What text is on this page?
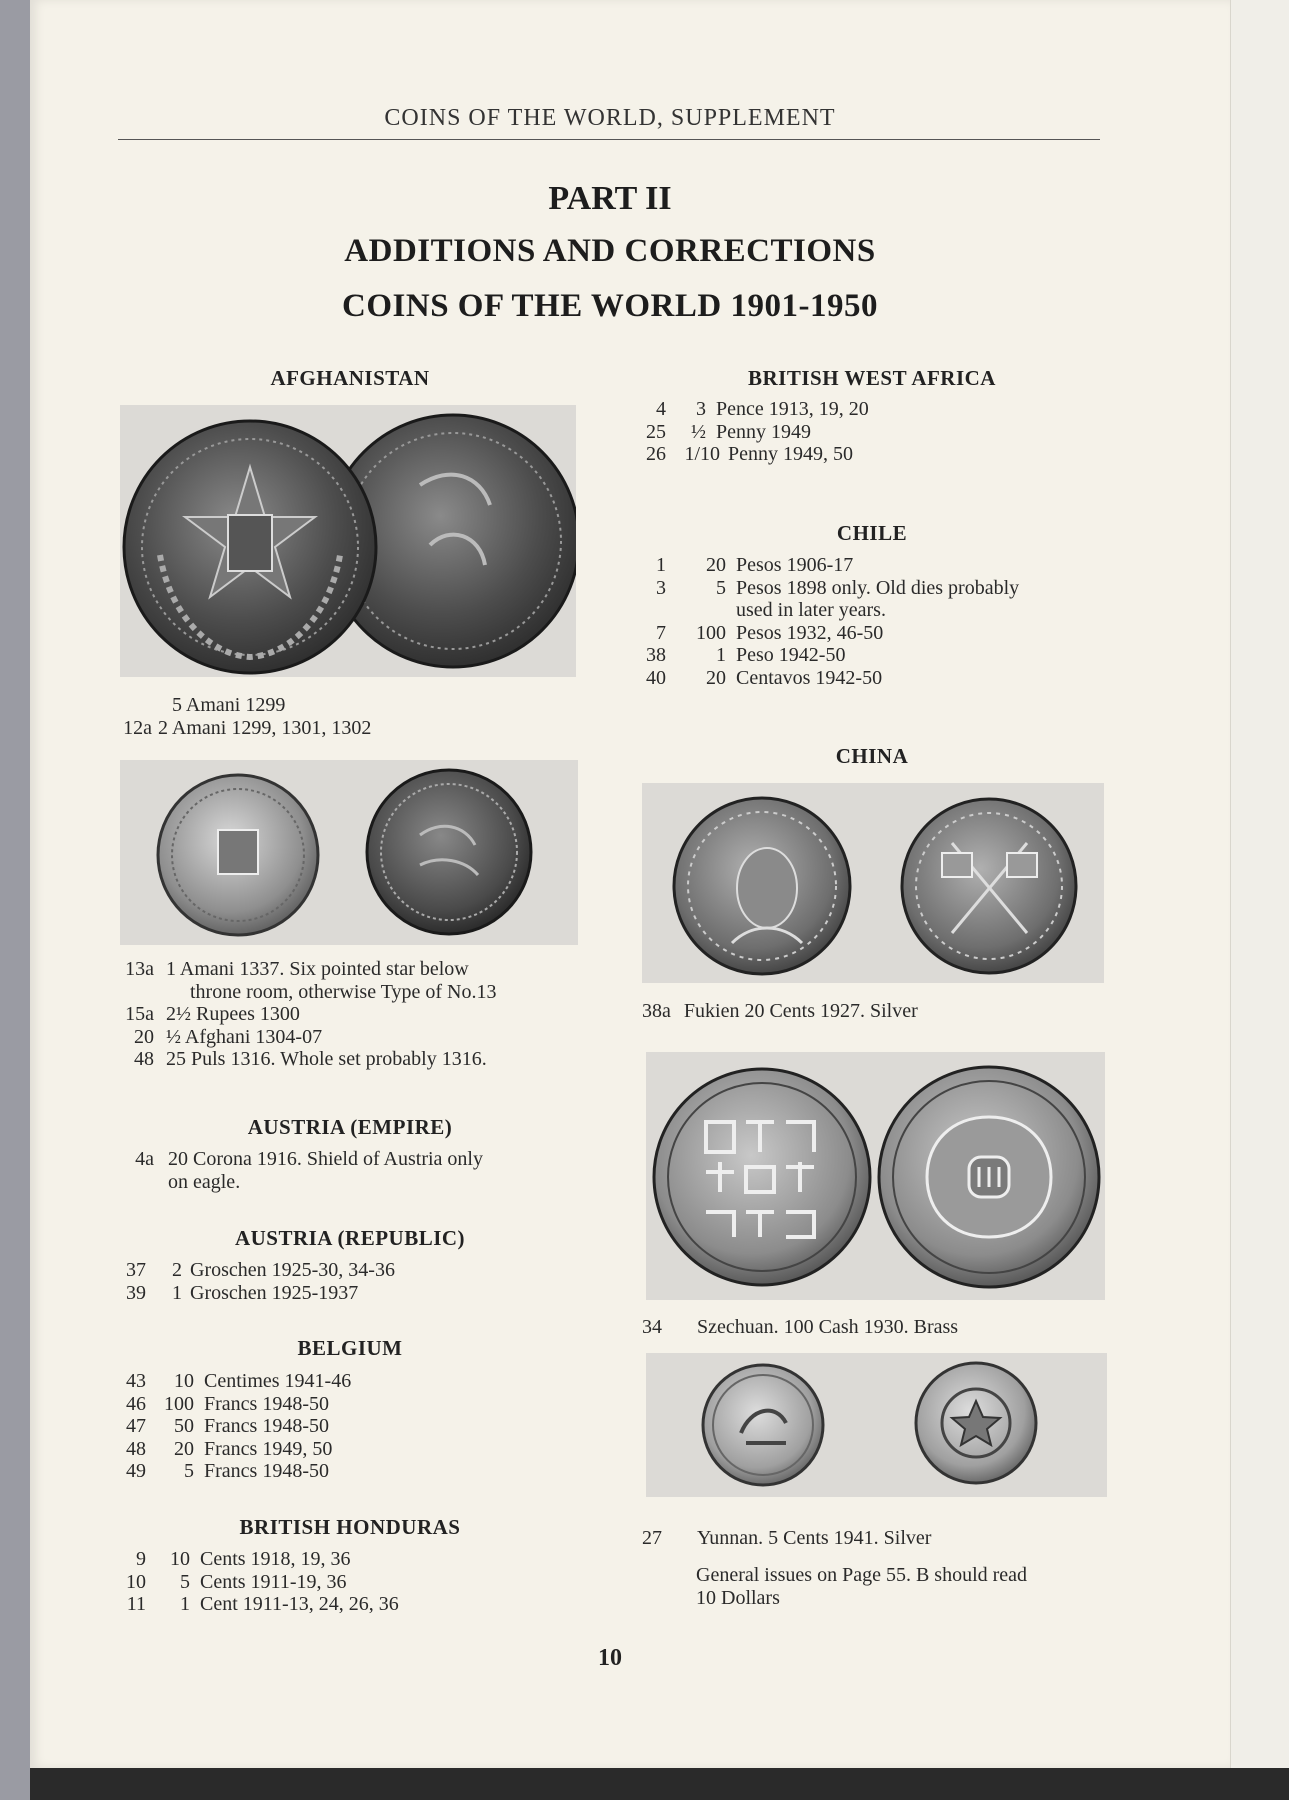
COINS OF THE WORLD, SUPPLEMENT
PART II
ADDITIONS AND CORRECTIONS
COINS OF THE WORLD 1901-1950
AFGHANISTAN
5 Amani 1299
12a 2 Amani 1299, 1301, 1302
13a 1 Amani 1337. Six pointed star below
throne room, otherwise Type of No.13
15a 2½ Rupees 1300
20 ½ Afghani 1304-07
48 25 Puls 1316. Whole set probably 1316.
AUSTRIA (EMPIRE)
4a 20 Corona 1916. Shield of Austria only
on eagle.
AUSTRIA (REPUBLIC)
37	2 Groschen 1925-30, 34-36
39	1 Groschen 1925-1937
BELGIUM
43	10 Centimes 1941-46
46 100 Francs 1948-50
47	50 Francs 1948-50
48	20 Francs 1949, 50
49	5 Francs 1948-50
BRITISH HONDURAS
9	10 Cents 1918, 19, 36
10	5 Cents 1911-19, 36
11	1 Cent 1911-13, 24, 26, 36
BRITISH WEST AFRICA
4	3 Pence 1913, 19, 20
25	½ Penny 1949
26 1/10 Penny 1949, 50
CHILE
1	20 Pesos 1906-17
3	5 Pesos 1898 only. Old dies probably
used in later years.
7	100 Pesos 1932, 46-50
38	1 Peso 1942-50
40	20 Centavos 1942-50
CHINA
38a Fukien 20 Cents 1927. Silver
34 Szechuan. 100 Cash 1930. Brass
27 Yunnan. 5 Cents 1941. Silver
General issues on Page 55. B should read
10 Dollars
10
